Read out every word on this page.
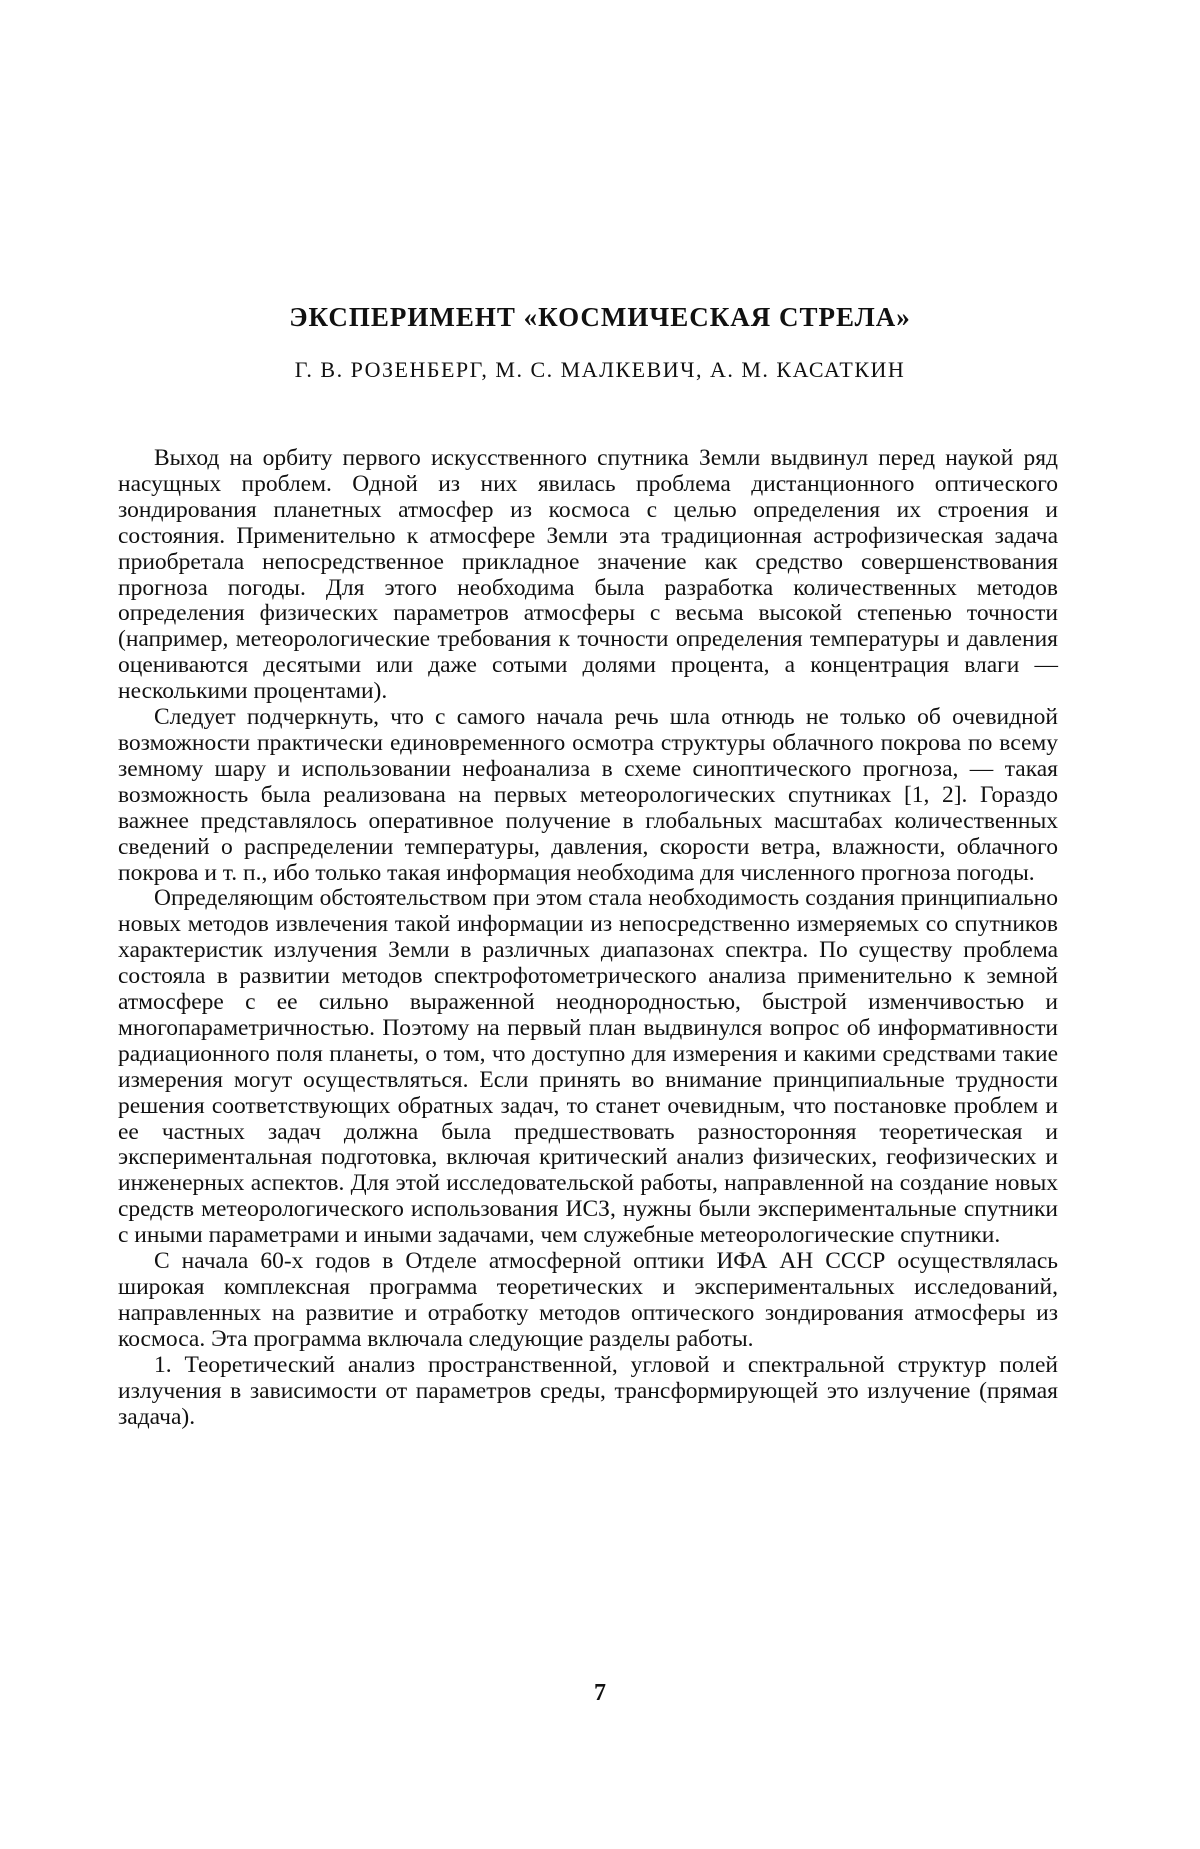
ЭКСПЕРИМЕНТ «КОСМИЧЕСКАЯ СТРЕЛА»
Г. В. РОЗЕНБЕРГ, М. С. МАЛКЕВИЧ, А. М. КАСАТКИН

Выход на орбиту первого искусственного спутника Земли выдвинул перед наукой ряд насущных проблем. Одной из них явилась проблема дистанционного оптического зондирования планетных атмосфер из космоса с целью определения их строения и состояния. Применительно к атмосфере Земли эта традиционная астрофизическая задача приобретала непосредственное прикладное значение как средство совершенствования прогноза погоды. Для этого необходима была разработка количественных методов определения физических параметров атмосферы с весьма высокой степенью точности (например, метеорологические требования к точности определения температуры и давления оцениваются десятыми или даже сотыми долями процента, а концентрация влаги — несколькими процентами).

Следует подчеркнуть, что с самого начала речь шла отнюдь не только об очевидной возможности практически единовременного осмотра структуры облачного покрова по всему земному шару и использовании нефоанализа в схеме синоптического прогноза, — такая возможность была реализована на первых метеорологических спутниках [1, 2]. Гораздо важнее представлялось оперативное получение в глобальных масштабах количественных сведений о распределении температуры, давления, скорости ветра, влажности, облачного покрова и т. п., ибо только такая информация необходима для численного прогноза погоды.

Определяющим обстоятельством при этом стала необходимость создания принципиально новых методов извлечения такой информации из непосредственно измеряемых со спутников характеристик излучения Земли в различных диапазонах спектра. По существу проблема состояла в развитии методов спектрофотометрического анализа применительно к земной атмосфере с ее сильно выраженной неоднородностью, быстрой изменчивостью и многопараметричностью. Поэтому на первый план выдвинулся вопрос об информативности радиационного поля планеты, о том, что доступно для измерения и какими средствами такие измерения могут осуществляться. Если принять во внимание принципиальные трудности решения соответствующих обратных задач, то станет очевидным, что постановке проблем и ее частных задач должна была предшествовать разносторонняя теоретическая и экспериментальная подготовка, включая критический анализ физических, геофизических и инженерных аспектов. Для этой исследовательской работы, направленной на создание новых средств метеорологического использования ИСЗ, нужны были экспериментальные спутники с иными параметрами и иными задачами, чем служебные метеорологические спутники.

С начала 60-х годов в Отделе атмосферной оптики ИФА АН СССР осуществлялась широкая комплексная программа теоретических и экспериментальных исследований, направленных на развитие и отработку методов оптического зондирования атмосферы из космоса. Эта программа включала следующие разделы работы.

1. Теоретический анализ пространственной, угловой и спектральной структур полей излучения в зависимости от параметров среды, трансформирующей это излучение (прямая задача).

7
